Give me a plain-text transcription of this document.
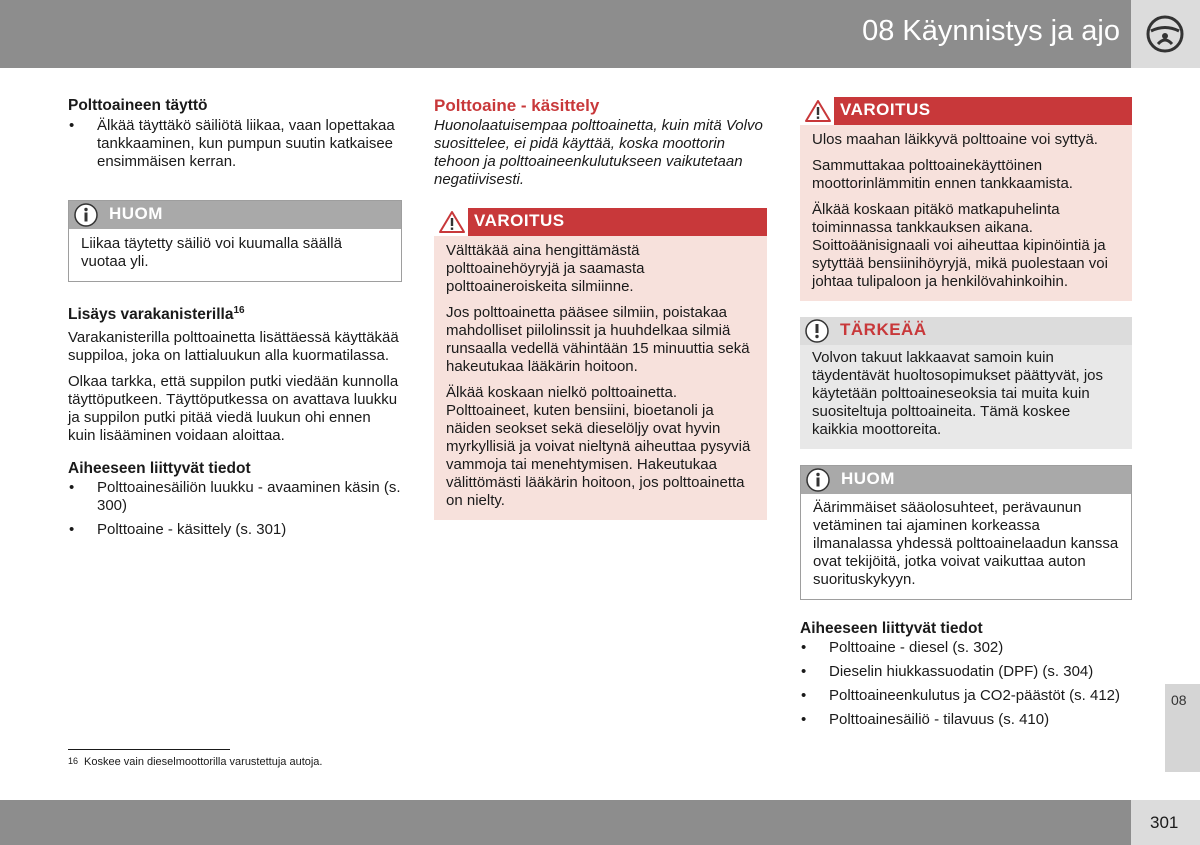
08 Käynnistys ja ajo
Polttoaineen täyttö
• Älkää täyttäkö säiliötä liikaa, vaan lopettakaa tankkaaminen, kun pumpun suutin katkaisee ensimmäisen kerran.
HUOM
Liikaa täytetty säiliö voi kuumalla säällä vuotaa yli.
Lisäys varakanisterilla$^{16}$
Varakanisterilla polttoainetta lisättäessä käyttäkää suppiloa, joka on lattialuukun alla kuormatilassa.
Olkaa tarkka, että suppilon putki viedään kunnolla täyttöputkeen. Täyttöputkessa on avattava luukku ja suppilon putki pitää viedä luukun ohi ennen kuin lisääminen voidaan aloittaa.
Aiheeseen liittyvät tiedot
• Polttoainesäiliön luukku - avaaminen käsin (s. 300)
• Polttoaine - käsittely (s. 301)
Polttoaine - käsittely
Huonolaatuisempaa polttoainetta, kuin mitä Volvo suosittelee, ei pidä käyttää, koska moottorin tehoon ja polttoaineenkulutukseen vaikutetaan negatiivisesti.
VAROITUS
Välttäkää aina hengittämästä polttoainehöyryjä ja saamasta polttoaineroiskeita silmiinne.
Jos polttoainetta pääsee silmiin, poistakaa mahdolliset piilolinssit ja huuhdelkaa silmiä runsaalla vedellä vähintään 15 minuuttia sekä hakeutukaa lääkärin hoitoon.
Älkää koskaan nielkö polttoainetta. Polttoaineet, kuten bensiini, bioetanoli ja näiden seokset sekä dieselöljy ovat hyvin myrkyllisiä ja voivat nieltynä aiheuttaa pysyviä vammoja tai menehtymisen. Hakeutukaa välittömästi lääkärin hoitoon, jos polttoainetta on nielty.
VAROITUS
Ulos maahan läikkyvä polttoaine voi syttyä.
Sammuttakaa polttoainekäyttöinen moottorinlämmitin ennen tankkaamista.
Älkää koskaan pitäkö matkapuhelinta toiminnassa tankkauksen aikana. Soittoäänisignaali voi aiheuttaa kipinöintiä ja sytyttää bensiinihöyryjä, mikä puolestaan voi johtaa tulipaloon ja henkilövahinkoihin.
TÄRKEÄÄ
Volvon takuut lakkaavat samoin kuin täydentävät huoltosopimukset päättyvät, jos käytetään polttoaineseoksia tai muita kuin suositeltuja polttoaineita. Tämä koskee kaikkia moottoreita.
HUOM
Äärimmäiset sääolosuhteet, perävaunun vetäminen tai ajaminen korkeassa ilmanalassa yhdessä polttoainelaadun kanssa ovat tekijöitä, jotka voivat vaikuttaa auton suorituskykyyn.
Aiheeseen liittyvät tiedot
• Polttoaine - diesel (s. 302)
• Dieselin hiukkassuodatin (DPF) (s. 304)
• Polttoaineenkulutus ja CO2-päästöt (s. 412)
• Polttoainesäiliö - tilavuus (s. 410)
$^{16}$ Koskee vain dieselmoottorilla varustettuja autoja.
08
301
